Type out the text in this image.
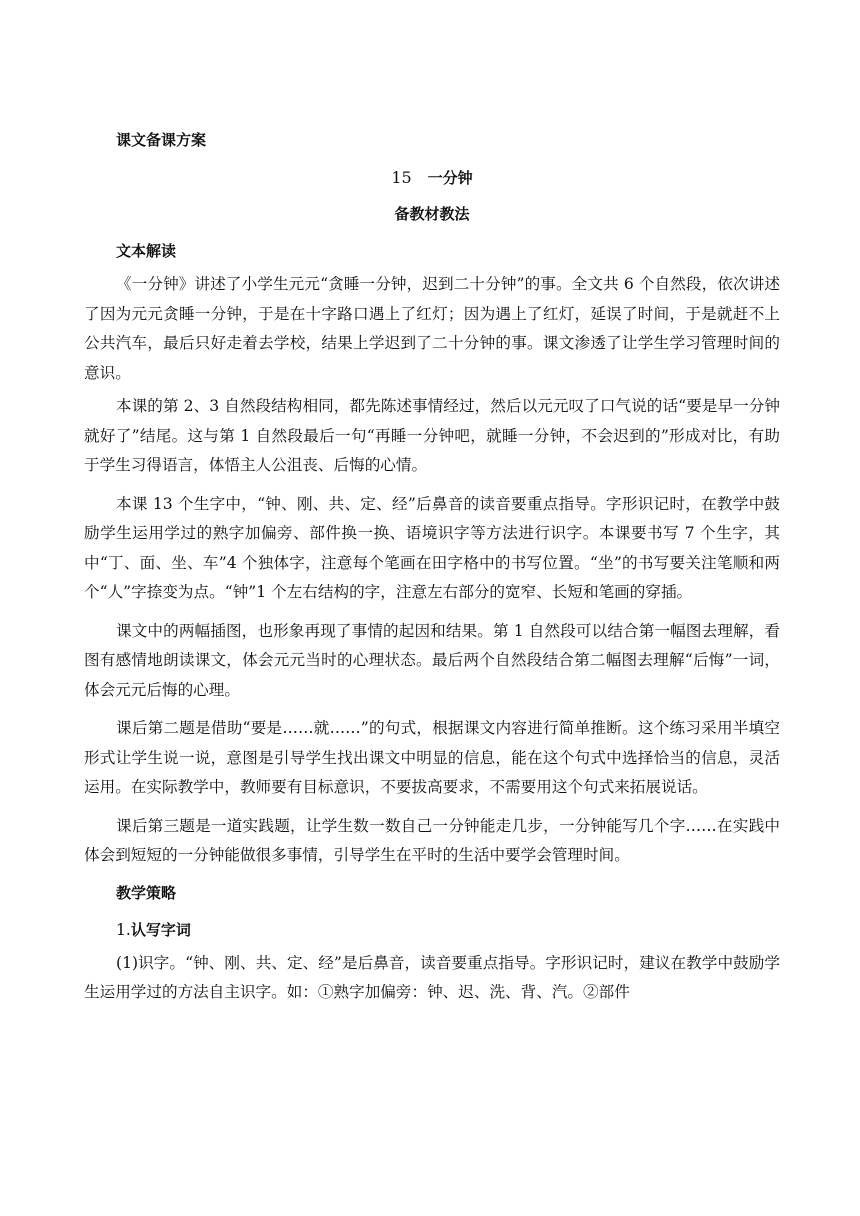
课文备课方案
15 一分钟
备教材教法
文本解读

《一分钟》讲述了小学生元元“贪睡一分钟，迟到二十分钟”的事。全文共 6 个自然段，依次讲述了因为元元贪睡一分钟，于是在十字路口遇上了红灯；因为遇上了红灯，延误了时间，于是就赶不上公共汽车，最后只好走着去学校，结果上学迟到了二十分钟的事。课文渗透了让学生学习管理时间的意识。

本课的第 2、3 自然段结构相同，都先陈述事情经过，然后以元元叹了口气说的话“要是早一分钟就好了”结尾。这与第 1 自然段最后一句“再睡一分钟吧，就睡一分钟，不会迟到的”形成对比，有助于学生习得语言，体悟主人公沮丧、后悔的心情。

本课 13 个生字中，“钟、刚、共、定、经”后鼻音的读音要重点指导。字形识记时，在教学中鼓励学生运用学过的熟字加偏旁、部件换一换、语境识字等方法进行识字。本课要书写 7 个生字，其中“丁、面、坐、车”4 个独体字，注意每个笔画在田字格中的书写位置。“坐”的书写要关注笔顺和两个“人”字捺变为点。“钟”1 个左右结构的字，注意左右部分的宽窄、长短和笔画的穿插。

课文中的两幅插图，也形象再现了事情的起因和结果。第 1 自然段可以结合第一幅图去理解，看图有感情地朗读课文，体会元元当时的心理状态。最后两个自然段结合第二幅图去理解“后悔”一词，体会元元后悔的心理。

课后第二题是借助“要是……就……”的句式，根据课文内容进行简单推断。这个练习采用半填空形式让学生说一说，意图是引导学生找出课文中明显的信息，能在这个句式中选择恰当的信息，灵活运用。在实际教学中，教师要有目标意识，不要拔高要求，不需要用这个句式来拓展说话。

课后第三题是一道实践题，让学生数一数自己一分钟能走几步，一分钟能写几个字……在实践中体会到短短的一分钟能做很多事情，引导学生在平时的生活中要学会管理时间。

教学策略
1.认写字词

(1)识字。“钟、刚、共、定、经”是后鼻音，读音要重点指导。字形识记时，建议在教学中鼓励学生运用学过的方法自主识字。如：①熟字加偏旁：钟、迟、洗、背、汽。②部件
